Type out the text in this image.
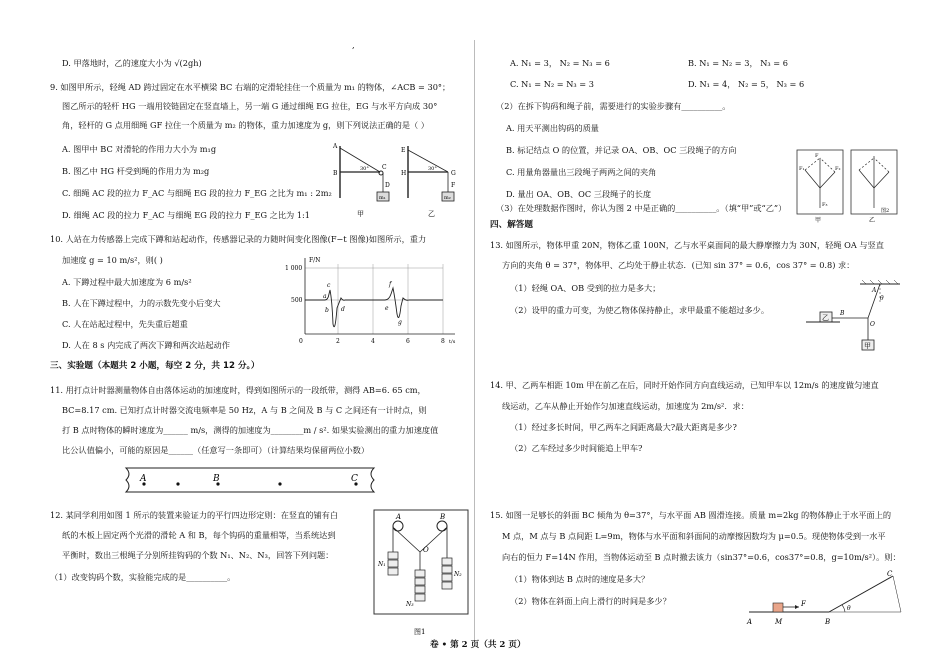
,
D. 甲落地时，乙的速度大小为 √(2gh)
9. 如图甲所示，轻绳 AD 跨过固定在水平横梁 BC 右端的定滑轮挂住一个质量为 m₁ 的物体，∠ACB = 30°；
图乙所示的轻杆 HG 一端用铰链固定在竖直墙上，另一端 G 通过细绳 EG 拉住，EG 与水平方向成 30°
角，轻杆的 G 点用细绳 GF 拉住一个质量为 m₂ 的物体，重力加速度为 g，则下列说法正确的是（ ）
A. 图甲中 BC 对滑轮的作用力大小为 m₁g
B. 图乙中 HG 杆受到绳的作用力为 m₂g
C. 细绳 AC 段的拉力 F_AC 与细绳 EG 段的拉力 F_EG 之比为 m₁ : 2m₂
D. 细绳 AC 段的拉力 F_AC 与细绳 EG 段的拉力 F_EG 之比为 1:1
A
B
C
D
30°
m₁
甲
E
H	G
F
30°
m₂
乙
10. 人站在力传感器上完成下蹲和站起动作，传感器记录的力随时间变化图像(F−t 图像)如图所示，重力
加速度 g = 10 m/s²，则( )
A. 下蹲过程中最大加速度为 6 m/s²
B. 人在下蹲过程中，力的示数先变小后变大
C. 人在站起过程中，先失重后超重
D. 人在 8 s 内完成了两次下蹲和两次站起动作
F/N
1 000
500
0	2	4	6	8 t/s
a
c
b d	e
f
g
三、实验题（本题共 2 小题，每空 2 分，共 12 分。）
11. 用打点计时器测量物体自由落体运动的加速度时，得到如图所示的一段纸带，测得 AB=6. 65 cm，
BC=8.17 cm. 已知打点计时器交流电频率是 50 Hz，A 与 B 之间及 B 与 C 之间还有一计时点，则
打 B 点时物体的瞬时速度为______ m/s，测得的加速度为________m / s². 如果实验测出的重力加速度值
比公认值偏小，可能的原因是______（任意写一条即可）（计算结果均保留两位小数）
A	B	C
12. 某同学利用如图 1 所示的装置来验证力的平行四边形定则：在竖直的铺有白
纸的木板上固定两个光滑的滑轮 A 和 B，每个钩码的重量相等，当系统达到
平衡时，数出三根绳子分别所挂钩码的个数 N₁、N₂、N₃，回答下列问题：
（1）改变钩码个数，实验能完成的是__________。
A	B
O
N₁
N₂
N₃
图1
A. N₁ = 3， N₂ = N₃ = 6	B. N₁ = N₂ = 3， N₃ = 6
C. N₁ = N₂ = N₃ = 3	D. N₁ = 4， N₂ = 5， N₃ = 6
（2）在拆下钩码和绳子前，需要进行的实验步骤有__________。
A. 用天平测出钩码的质量
B. 标记结点 O 的位置，并记录 OA、OB、OC 三段绳子的方向
C. 用量角器量出三段绳子两两之间的夹角
D. 量出 OA、OB、OC 三段绳子的长度
（3）在处理数据作图时，你认为图 2 中是正确的__________。（填“甲”或“乙”）
F
F₁	F₂
F₃
甲	乙
图2
四、解答题
13. 如图所示，物体甲重 20N，物体乙重 100N，乙与水平桌面间的最大静摩擦力为 30N，轻绳 OA 与竖直
方向的夹角 θ = 37°，物体甲、乙均处于静止状态．(已知 sin 37° = 0.6，cos 37° = 0.8) 求：
（1）轻绳 OA、OB 受到的拉力是多大；
（2）设甲的重力可变，为使乙物体保持静止，求甲最重不能超过多少。
A
θ
B
O
乙
甲
14. 甲、乙两车相距 10m 甲在前乙在后，同时开始作同方向直线运动，已知甲车以 12m/s 的速度做匀速直
线运动，乙车从静止开始作匀加速直线运动，加速度为 2m/s²．求：
（1）经过多长时间，甲乙两车之间距离最大?最大距离是多少?
（2）乙车经过多少时间能追上甲车?
15. 如图一足够长的斜面 BC 倾角为 θ=37°，与水平面 AB 圆滑连接。质量 m=2kg 的物体静止于水平面上的
M 点，M 点与 B 点间距 L=9m，物体与水平面和斜面间的动摩擦因数均为 μ=0.5。现使物体受到一水平
向右的恒力 F=14N 作用，当物体运动至 B 点时撤去该力（sin37°=0.6，cos37°=0.8，g=10m/s²）。则：
（1）物体到达 B 点时的速度是多大？
（2）物体在斜面上向上滑行的时间是多少？
A	M	B
C
F
θ
卷 • 第 2 页（共 2 页）
